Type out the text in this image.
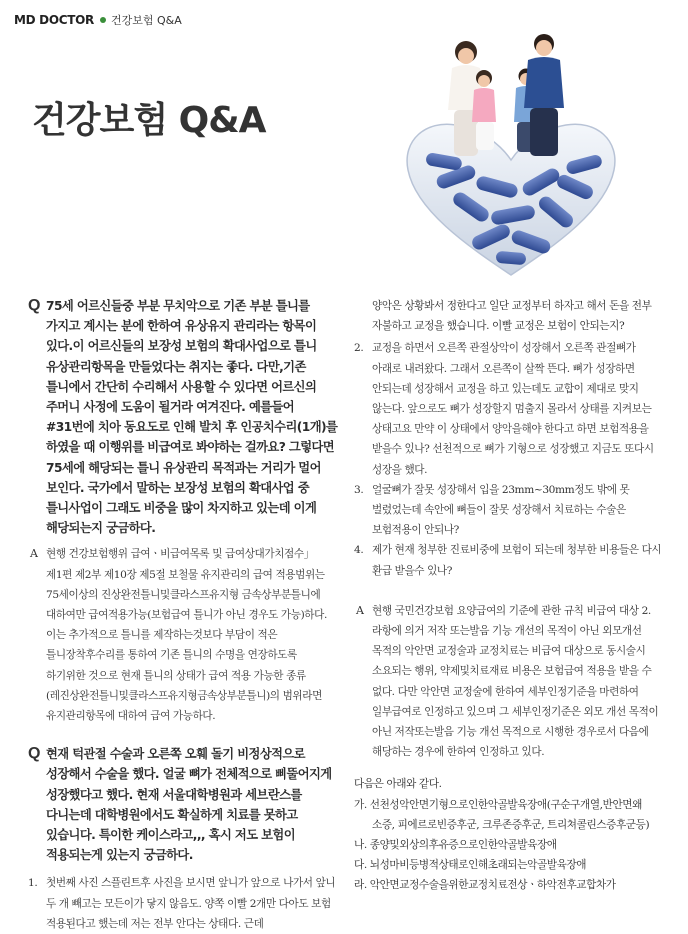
MD DOCTOR 건강보험 Q&A
건강보험 Q&A
Q 75세 어르신들중 부분 무치악으로 기존 부분 틀니를 가지고 계시는 분에 한하여 유상유지 관리라는 항목이 있다.이 어르신들의 보장성 보험의 확대사업으로 틀니 유상관리항목을 만들었다는 취지는 좋다. 다만,기존 틀니에서 간단히 수리해서 사용할 수 있다면 어르신의 주머니 사정에 도움이 될거라 여겨진다. 예를들어 #31번에 치아 동요도로 인해 발치 후 인공치수리(1개)를 하였을 때 이행위를 비급여로 봐야하는 걸까요? 그렇다면 75세에 해당되는 틀니 유상관리 목적과는 거리가 멀어 보인다. 국가에서 말하는 보장성 보험의 확대사업 중 틀니사업이 그래도 비중을 많이 차지하고 있는데 이게 해당되는지 궁금하다.
A 현행 건강보험행위 급여ㆍ비급여목록 및 급여상대가치점수」 제1편 제2부 제10장 제5절 보철물 유지관리의 급여 적용범위는 75세이상의 진상완전틀니및클라스프유지형 금속상부분틀니에 대하여만 급여적용가능(보험급여 틀니가 아닌 경우도 가능)하다. 이는 추가적으로 틀니를 제작하는것보다 부담이 적은 틀니장착후수리를 통하여 기존 틀니의 수명을 연장하도록 하기위한 것으로 현재 틀니의 상태가 급여 적용 가능한 종류(레진상완전틀니및클라스프유지형금속상부분틀니)의 범위라면 유지관리항목에 대하여 급여 가능하다.
Q 현재 턱관절 수술과 오른쪽 오훼 돌기 비정상적으로 성장해서 수술을 했다. 얼굴 뼈가 전체적으로 삐뚤어지게 성장했다고 했다. 현재 서울대학병원과 세브란스를 다니는데 대학병원에서도 확실하게 치료를 못하고 있습니다. 특이한 케이스라고,,, 혹시 저도 보험이 적용되는게 있는지 궁금하다.
1. 첫번째 사진 스플린트후 사진을 보시면 앞니가 앞으로 나가서 앞니 두 개 빼고는 모든이가 닿지 않음도. 양쪽 이빨 2개만 다아도 보험 적용된다고 했는데 저는 전부 안다는 상태다. 근데
양악은 상황봐서 정한다고 일단 교정부터 하자고 해서 돈을 전부 자불하고 교정을 했습니다. 이빨 교정은 보험이 안되는지?
2. 교정을 하면서 오른쪽 관절상악이 성장해서 오른쪽 관절뼈가 아래로 내려왔다. 그래서 오른쪽이 살짝 뜬다. 뼈가 성장하면 안되는데 성장해서 교정을 하고 있는데도 교합이 제대로 맞지 않는다. 앞으로도 뼈가 성장할지 멈출지 몰라서 상태를 지켜보는 상태고요 만약 이 상태에서 양악을해야 한다고 하면 보험적용을 받을수 있나? 선천적으로 뼈가 기형으로 성장했고 지금도 또다시 성장을 했다.
3. 얼굴뼈가 잘못 성장해서 입을 23mm~30mm정도 밖에 못 벌렸었는데 속안에 뼈들이 잘못 성장해서 치료하는 수술은 보험적용이 안되나?
4. 제가 현재 청부한 진료비중에 보험이 되는데 청부한 비용들은 다시 환급 받을수 있나?
A 현행 국민건강보험 요양급여의 기준에 관한 규칙 비급여 대상 2.라항에 의거 저작 또는발음 기능 개선의 목적이 아닌 외모개선 목적의 악안면 교정술과 교정치료는 비급여 대상으로 동시술시 소요되는 행위, 약제및치료재료 비용은 보험급여 적용을 받을 수 없다. 다만 악안면 교정술에 한하여 세부인정기준을 마련하여 일부급여로 인정하고 있으며 그 세부인정기준은 외모 개선 목적이 아닌 저작또는발음 기능 개선 목적으로 시행한 경우로서 다음에 해당하는 경우에 한하여 인정하고 있다.
다음은 아래와 같다.
가. 선천성악안면기형으로인한악골발육장애(구순구개열,반안면왜
소증, 피에르로빈증후군, 크루존증후군, 트리쳐콜린스증후군등)
나. 종양및외상의후유증으로인한악골발육장애
다. 뇌성마비등병적상태로인해초래되는악골발육장애
라. 악안면교정수술을위한교정치료전상ㆍ하악전후교합차가
